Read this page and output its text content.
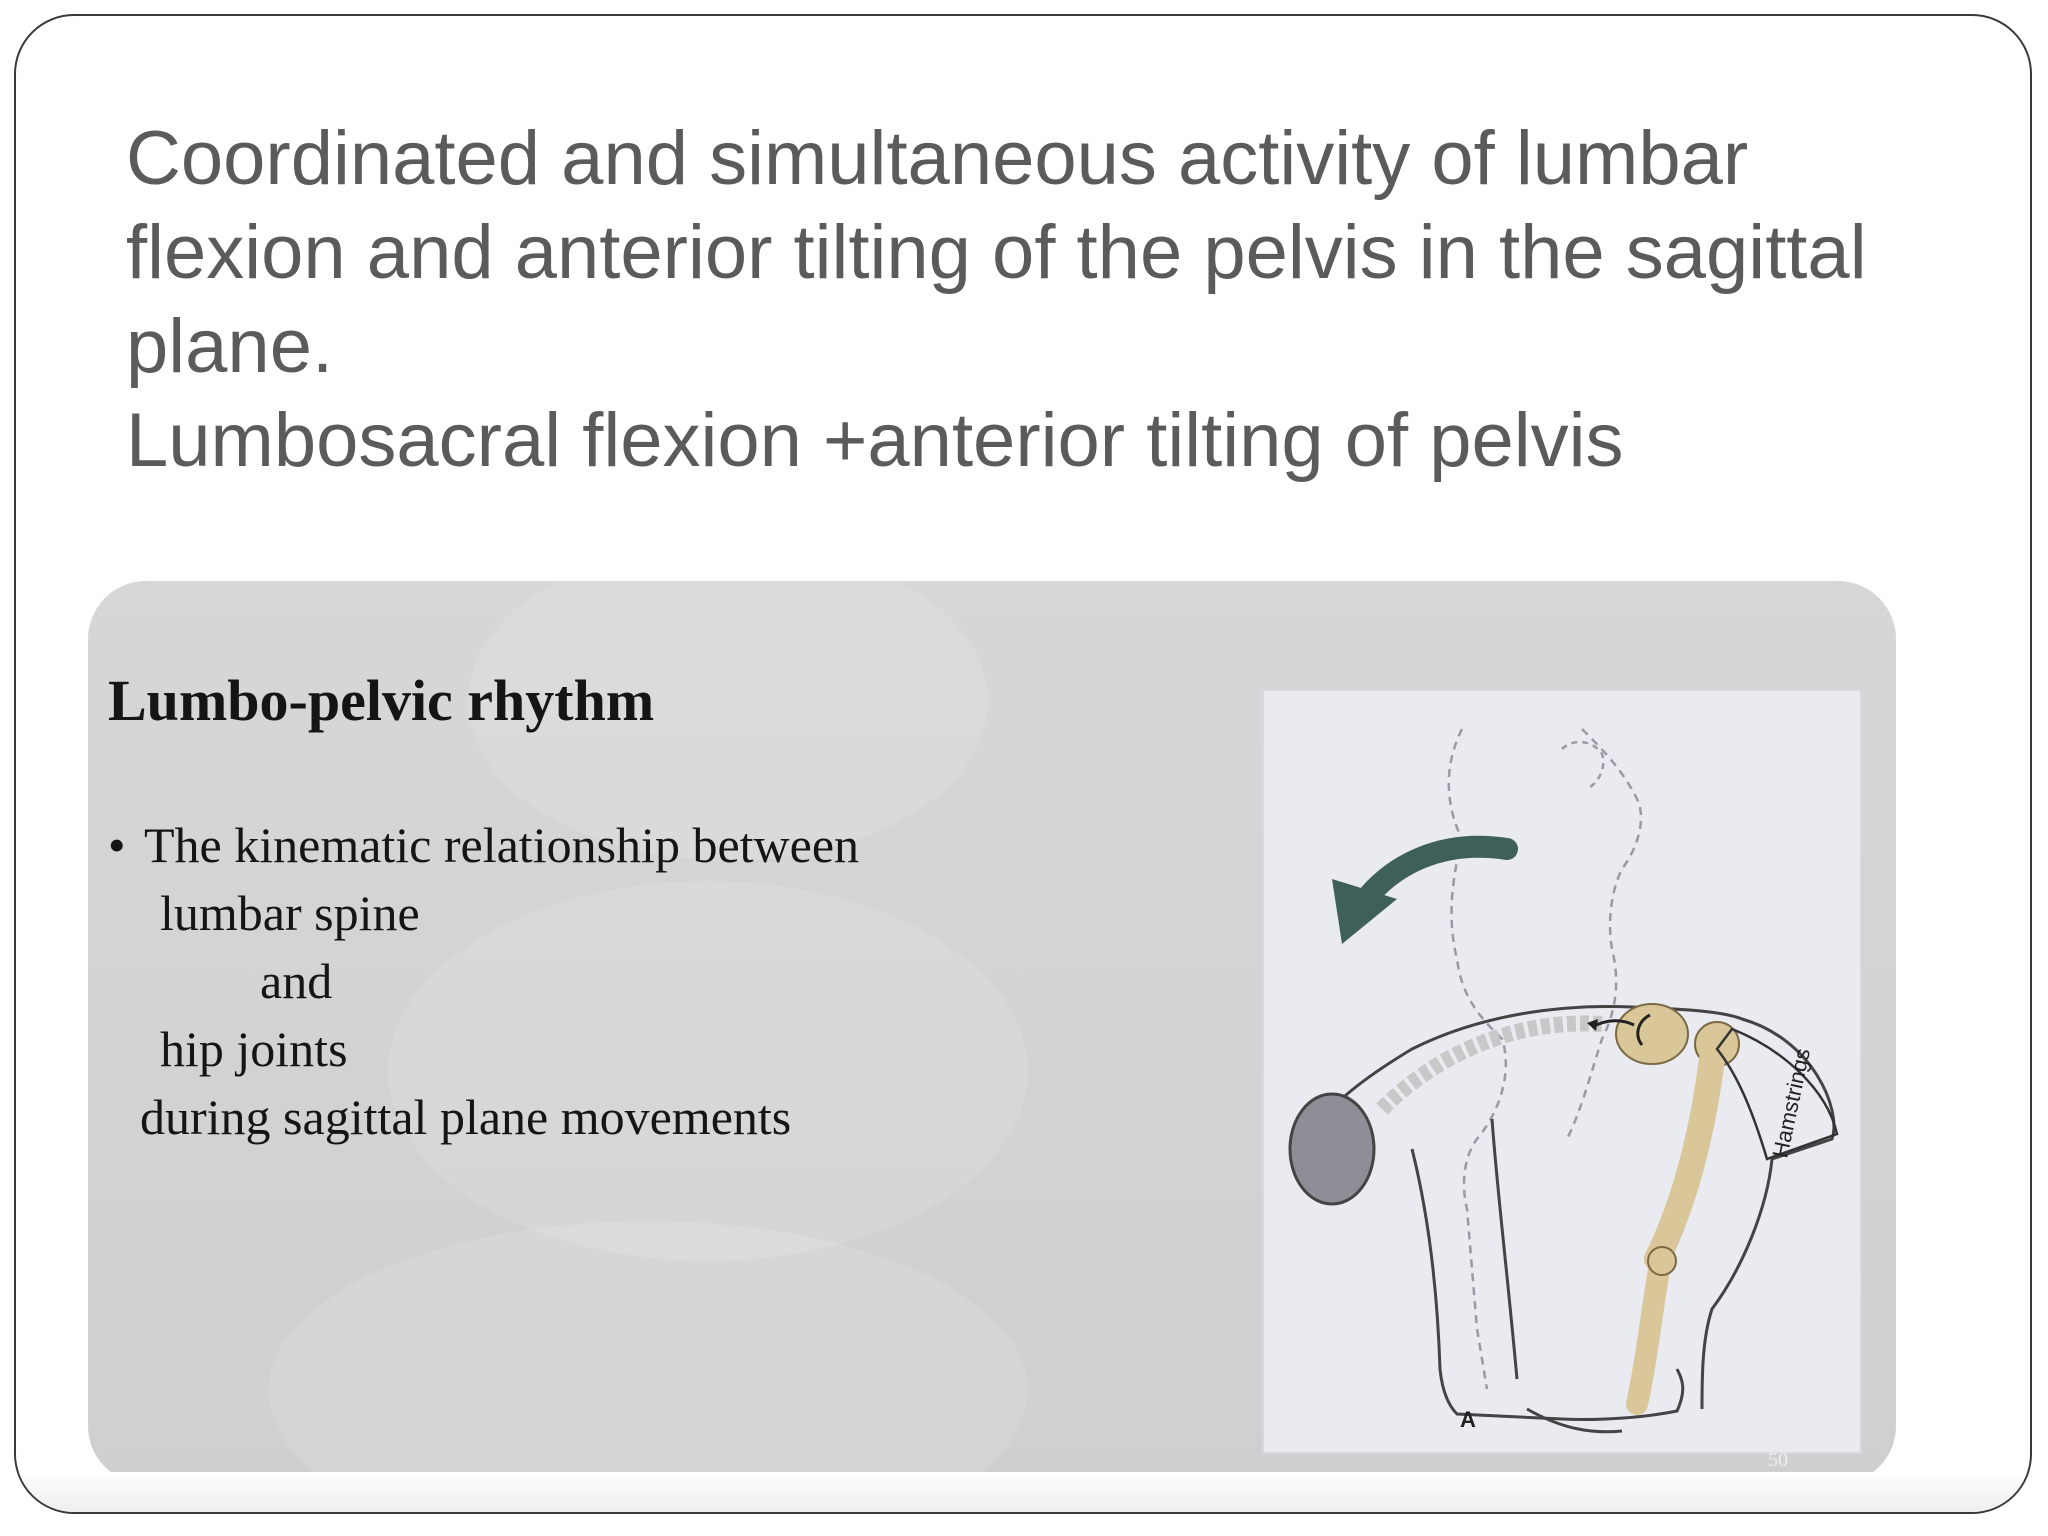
Coordinated and simultaneous activity of lumbar
flexion and anterior tilting of the pelvis in the sagittal
plane.
Lumbosacral flexion +anterior tilting of pelvis
Lumbo-pelvic rhythm
• The kinematic relationship between
lumbar spine
and
hip joints
during sagittal plane movements	Hamstrings
A
50
